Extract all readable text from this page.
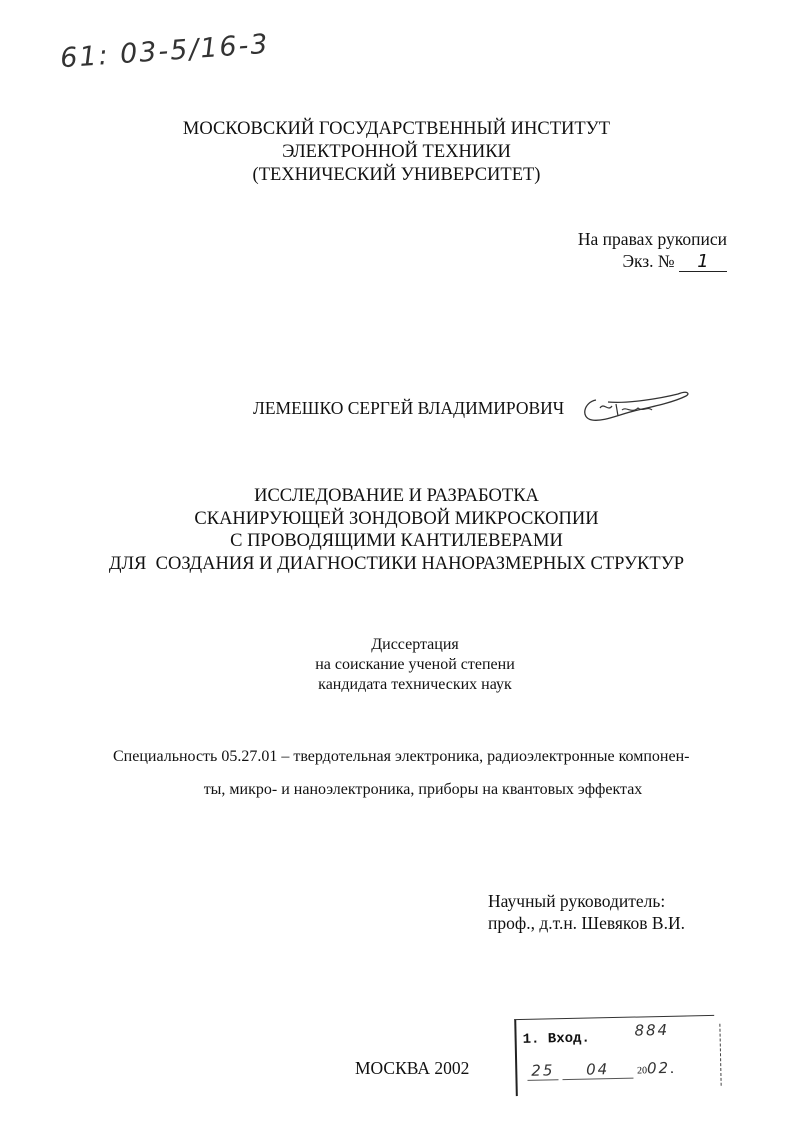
61: 03-5/16-3
МОСКОВСКИЙ ГОСУДАРСТВЕННЫЙ ИНСТИТУТ
ЭЛЕКТРОННОЙ ТЕХНИКИ
(ТЕХНИЧЕСКИЙ УНИВЕРСИТЕТ)
На правах рукописи
Экз. № 1
ЛЕМЕШКО СЕРГЕЙ ВЛАДИМИРОВИЧ
ИССЛЕДОВАНИЕ И РАЗРАБОТКА
СКАНИРУЮЩЕЙ ЗОНДОВОЙ МИКРОСКОПИИ
С ПРОВОДЯЩИМИ КАНТИЛЕВЕРАМИ
ДЛЯ  СОЗДАНИЯ И ДИАГНОСТИКИ НАНОРАЗМЕРНЫХ СТРУКТУР
Диссертация
на соискание ученой степени
кандидата технических наук
Специальность 05.27.01 – твердотельная электроника, радиоэлектронные компонен-
ты, микро- и наноэлектроника, приборы на квантовых эффектах
Научный руководитель:
проф., д.т.н. Шевяков В.И.
МОСКВА 2002
1. Вход.	884
25 04	2002.
